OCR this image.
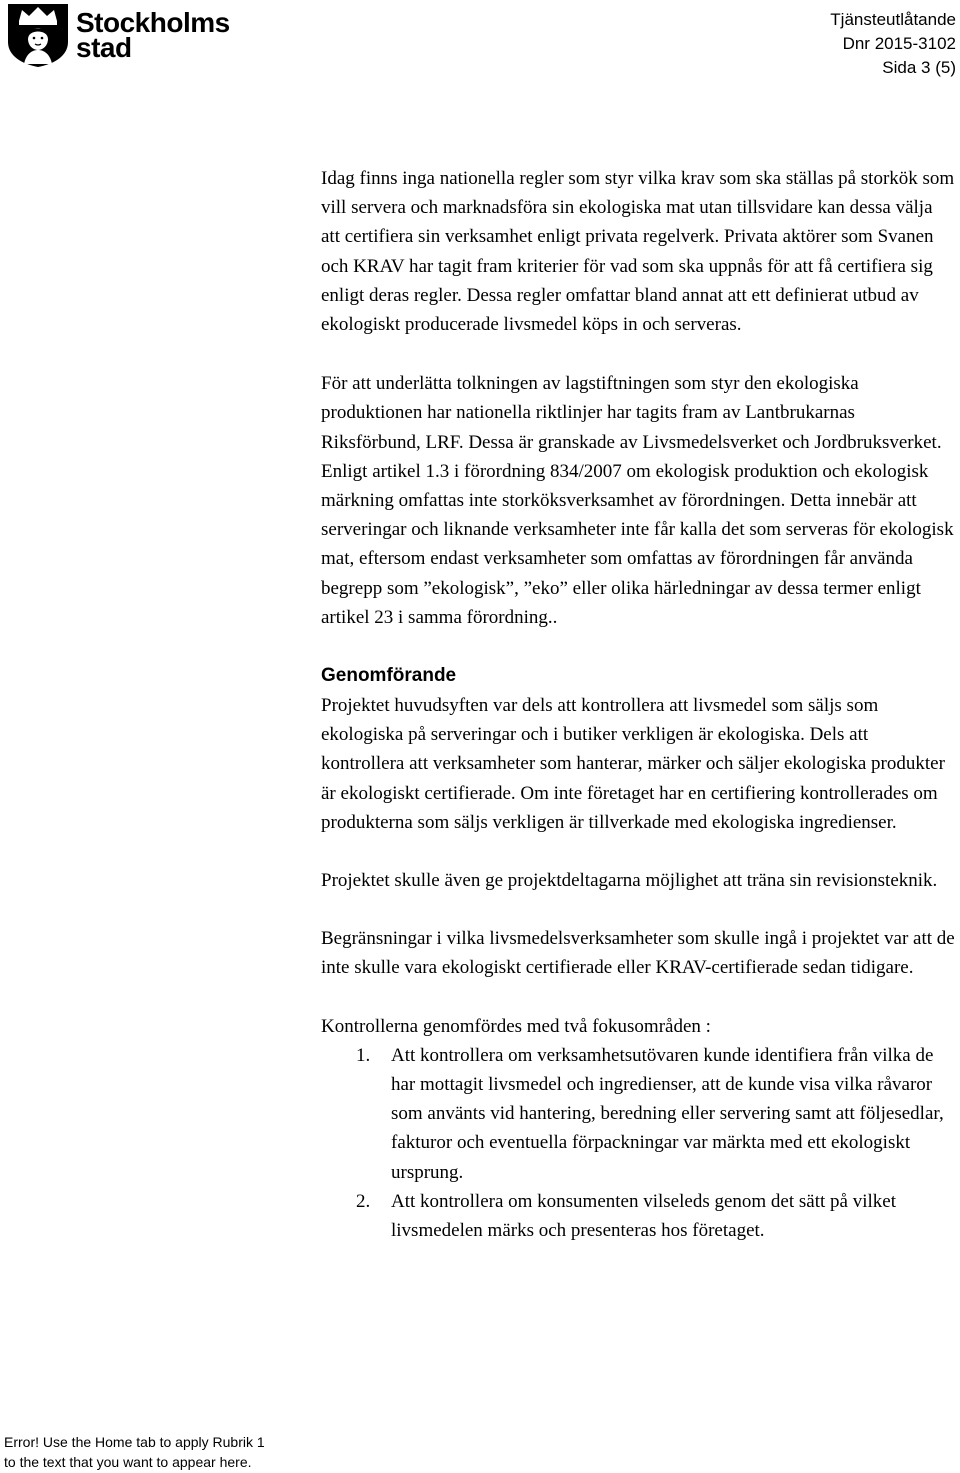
Stockholms
stad
Tjänsteutlåtande
Dnr 2015-3102
Sida 3 (5)

Idag finns inga nationella regler som styr vilka krav som ska ställas på storkök som vill servera och marknadsföra sin ekologiska mat utan tillsvidare kan dessa välja att certifiera sin verksamhet enligt privata regelverk. Privata aktörer som Svanen och KRAV har tagit fram kriterier för vad som ska uppnås för att få certifiera sig enligt deras regler. Dessa regler omfattar bland annat att ett definierat utbud av ekologiskt producerade livsmedel köps in och serveras.

För att underlätta tolkningen av lagstiftningen som styr den ekologiska produktionen har nationella riktlinjer har tagits fram av Lantbrukarnas Riksförbund, LRF. Dessa är granskade av Livsmedelsverket och Jordbruksverket. Enligt artikel 1.3 i förordning 834/2007 om ekologisk produktion och ekologisk märkning omfattas inte storköksverksamhet av förordningen. Detta innebär att serveringar och liknande verksamheter inte får kalla det som serveras för ekologisk mat, eftersom endast verksamheter som omfattas av förordningen får använda begrepp som ”ekologisk”, ”eko” eller olika härledningar av dessa termer enligt artikel 23 i samma förordning..

Genomförande

Projektet huvudsyften var dels att kontrollera att livsmedel som säljs som ekologiska på serveringar och i butiker verkligen är ekologiska. Dels att kontrollera att verksamheter som hanterar, märker och säljer ekologiska produkter är ekologiskt certifierade. Om inte företaget har en certifiering kontrollerades om produkterna som säljs verkligen är tillverkade med ekologiska ingredienser.

Projektet skulle även ge projektdeltagarna möjlighet att träna sin revisionsteknik.

Begränsningar i vilka livsmedelsverksamheter som skulle ingå i projektet var att de inte skulle vara ekologiskt certifierade eller KRAV-certifierade sedan tidigare.

Kontrollerna genomfördes med två fokusområden :

1. Att kontrollera om verksamhetsutövaren kunde identifiera från vilka de har mottagit livsmedel och ingredienser, att de kunde visa vilka råvaror som använts vid hantering, beredning eller servering samt att följesedlar, fakturor och eventuella förpackningar var märkta med ett ekologiskt ursprung.
2. Att kontrollera om konsumenten vilseleds genom det sätt på vilket livsmedelen märks och presenteras hos företaget.
Error! Use the Home tab to apply Rubrik 1
to the text that you want to appear here.
